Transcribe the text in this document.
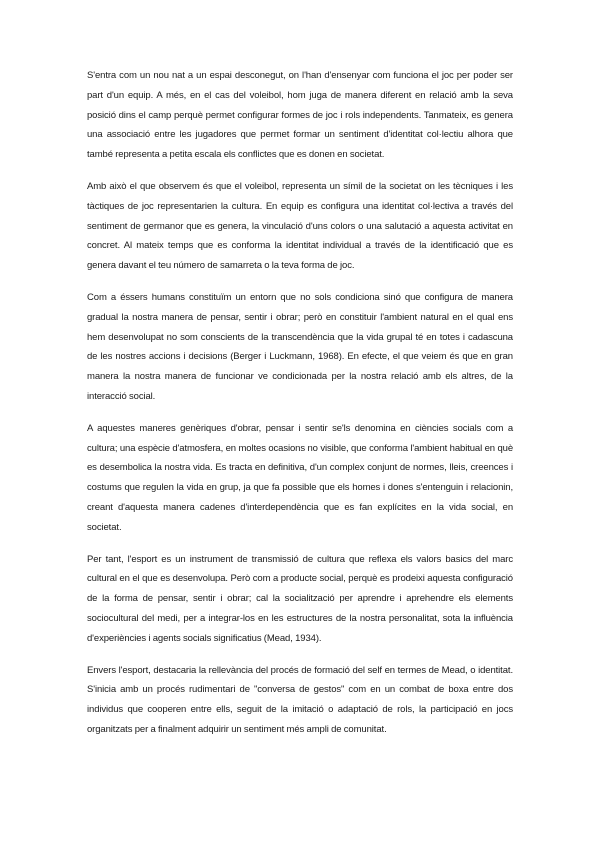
S'entra com un nou nat a un espai desconegut, on l'han d'ensenyar com funciona el joc per poder ser part d'un equip. A més, en el cas del voleibol, hom juga de manera diferent en relació amb la seva posició dins el camp perquè permet configurar formes de joc i rols independents. Tanmateix, es genera una associació entre les jugadores que permet formar un sentiment d'identitat col·lectiu alhora que també representa a petita escala els conflictes que es donen en societat.

Amb això el que observem és que el voleibol, representa un símil de la societat on les tècniques i les tàctiques de joc representarien la cultura. En equip es configura una identitat col·lectiva a través del sentiment de germanor que es genera, la vinculació d'uns colors o una salutació a aquesta activitat en concret. Al mateix temps que es conforma la identitat individual a través de la identificació que es genera davant el teu número de samarreta o la teva forma de joc.

Com a éssers humans constituïm un entorn que no sols condiciona sinó que configura de manera gradual la nostra manera de pensar, sentir i obrar; però en constituir l'ambient natural en el qual ens hem desenvolupat no som conscients de la transcendència que la vida grupal té en totes i cadascuna de les nostres accions i decisions (Berger i Luckmann, 1968). En efecte, el que veiem és que en gran manera la nostra manera de funcionar ve condicionada per la nostra relació amb els altres, de la interacció social.

A aquestes maneres genèriques d'obrar, pensar i sentir se'ls denomina en ciències socials com a cultura; una espècie d'atmosfera, en moltes ocasions no visible, que conforma l'ambient habitual en què es desembolica la nostra vida. Es tracta en definitiva, d'un complex conjunt de normes, lleis, creences i costums que regulen la vida en grup, ja que fa possible que els homes i dones s'entenguin i relacionin, creant d'aquesta manera cadenes d'interdependència que es fan explícites en la vida social, en societat.

Per tant, l'esport es un instrument de transmissió de cultura que reflexa els valors basics del marc cultural en el que es desenvolupa. Però com a producte social, perquè es prodeixi aquesta configuració de la forma de pensar, sentir i obrar; cal la socialització per aprendre i aprehendre els elements sociocultural del medi, per a integrar-los en les estructures de la nostra personalitat, sota la influència d'experiències i agents socials significatius (Mead, 1934).

Envers l'esport, destacaria la rellevància del procés de formació del self en termes de Mead, o identitat. S'inicia amb un procés rudimentari de "conversa de gestos" com en un combat de boxa entre dos individus que cooperen entre ells, seguit de la imitació o adaptació de rols, la participació en jocs organitzats per a finalment adquirir un sentiment més ampli de comunitat.
